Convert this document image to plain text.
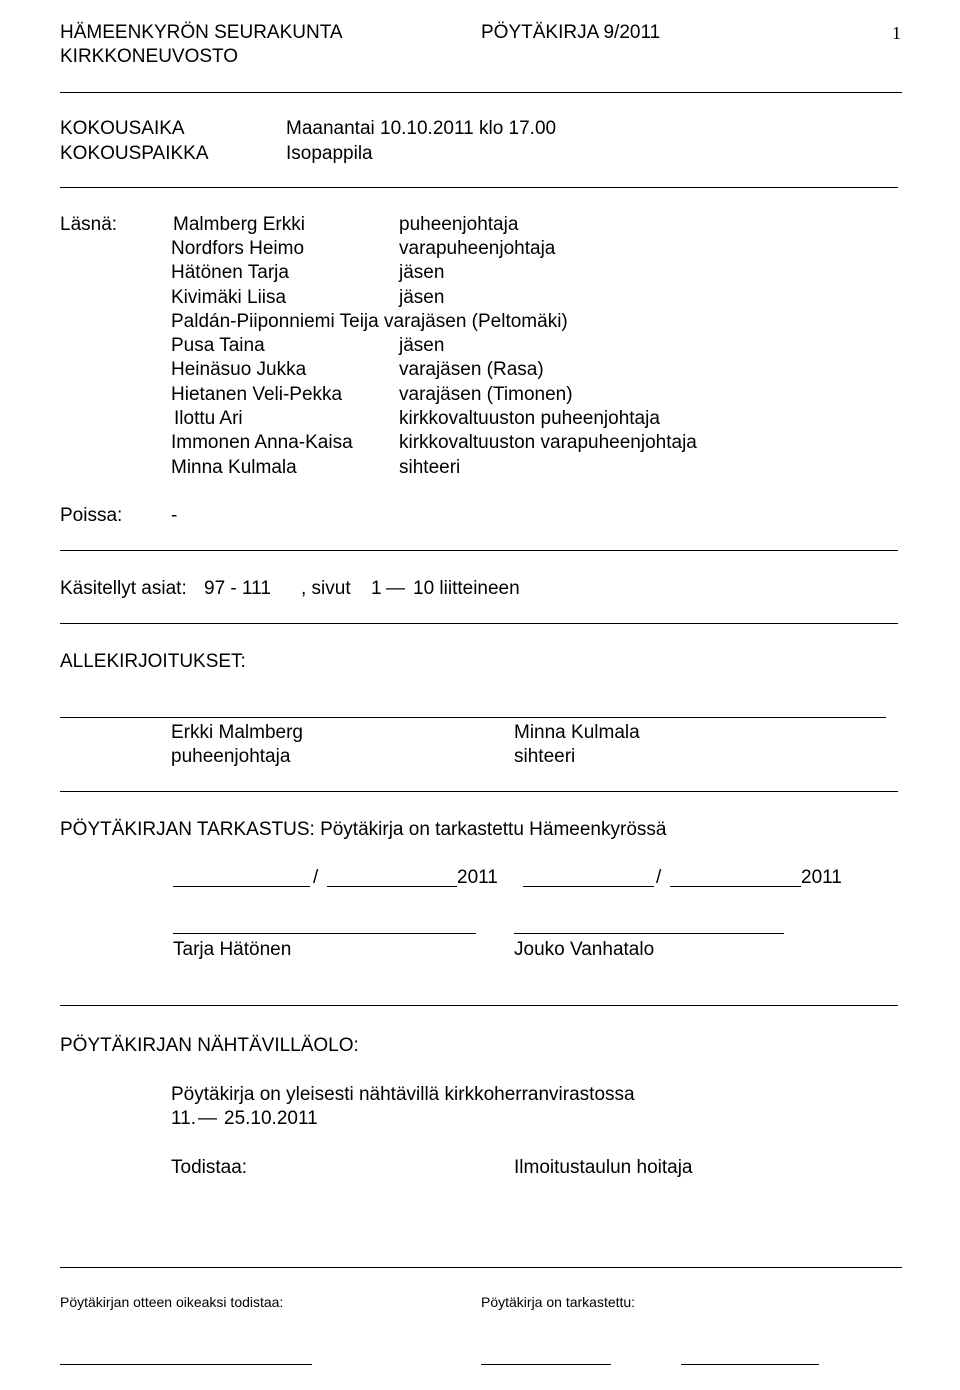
HÄMEENKYRÖN SEURAKUNTA
KIRKKONEUVOSTO
PÖYTÄKIRJA 9/2011	1
KOKOUSAIKA	Maanantai 10.10.2011 klo 17.00
KOKOUSPAIKKA	Isopappila
Läsnä:	Malmberg Erkki	puheenjohtaja
Nordfors Heimo	varapuheenjohtaja
Hätönen Tarja	jäsen
Kivimäki Liisa	jäsen
Paldán-Piiponniemi Teija varajäsen (Peltomäki)
Pusa Taina	jäsen
Heinäsuo Jukka	varajäsen (Rasa)
Hietanen Veli-Pekka	varajäsen (Timonen)
Ilottu Ari	kirkkovaltuuston puheenjohtaja
Immonen Anna-Kaisa kirkkovaltuuston varapuheenjohtaja
Minna Kulmala	sihteeri
Poissa:	-
Käsitellyt asiat: 97 - 111 , sivut 1 — 10 liitteineen
ALLEKIRJOITUKSET:
Erkki Malmberg
puheenjohtaja
Minna Kulmala
sihteeri
PÖYTÄKIRJAN TARKASTUS: Pöytäkirja on tarkastettu Hämeenkyrössä
/	2011	/	2011
Tarja Hätönen	Jouko Vanhatalo
PÖYTÄKIRJAN NÄHTÄVILLÄOLO:
Pöytäkirja on yleisesti nähtävillä kirkkoherranvirastossa
11. — 25.10.2011
Todistaa:	Ilmoitustaulun hoitaja
Pöytäkirjan otteen oikeaksi todistaa:	Pöytäkirja on tarkastettu:
